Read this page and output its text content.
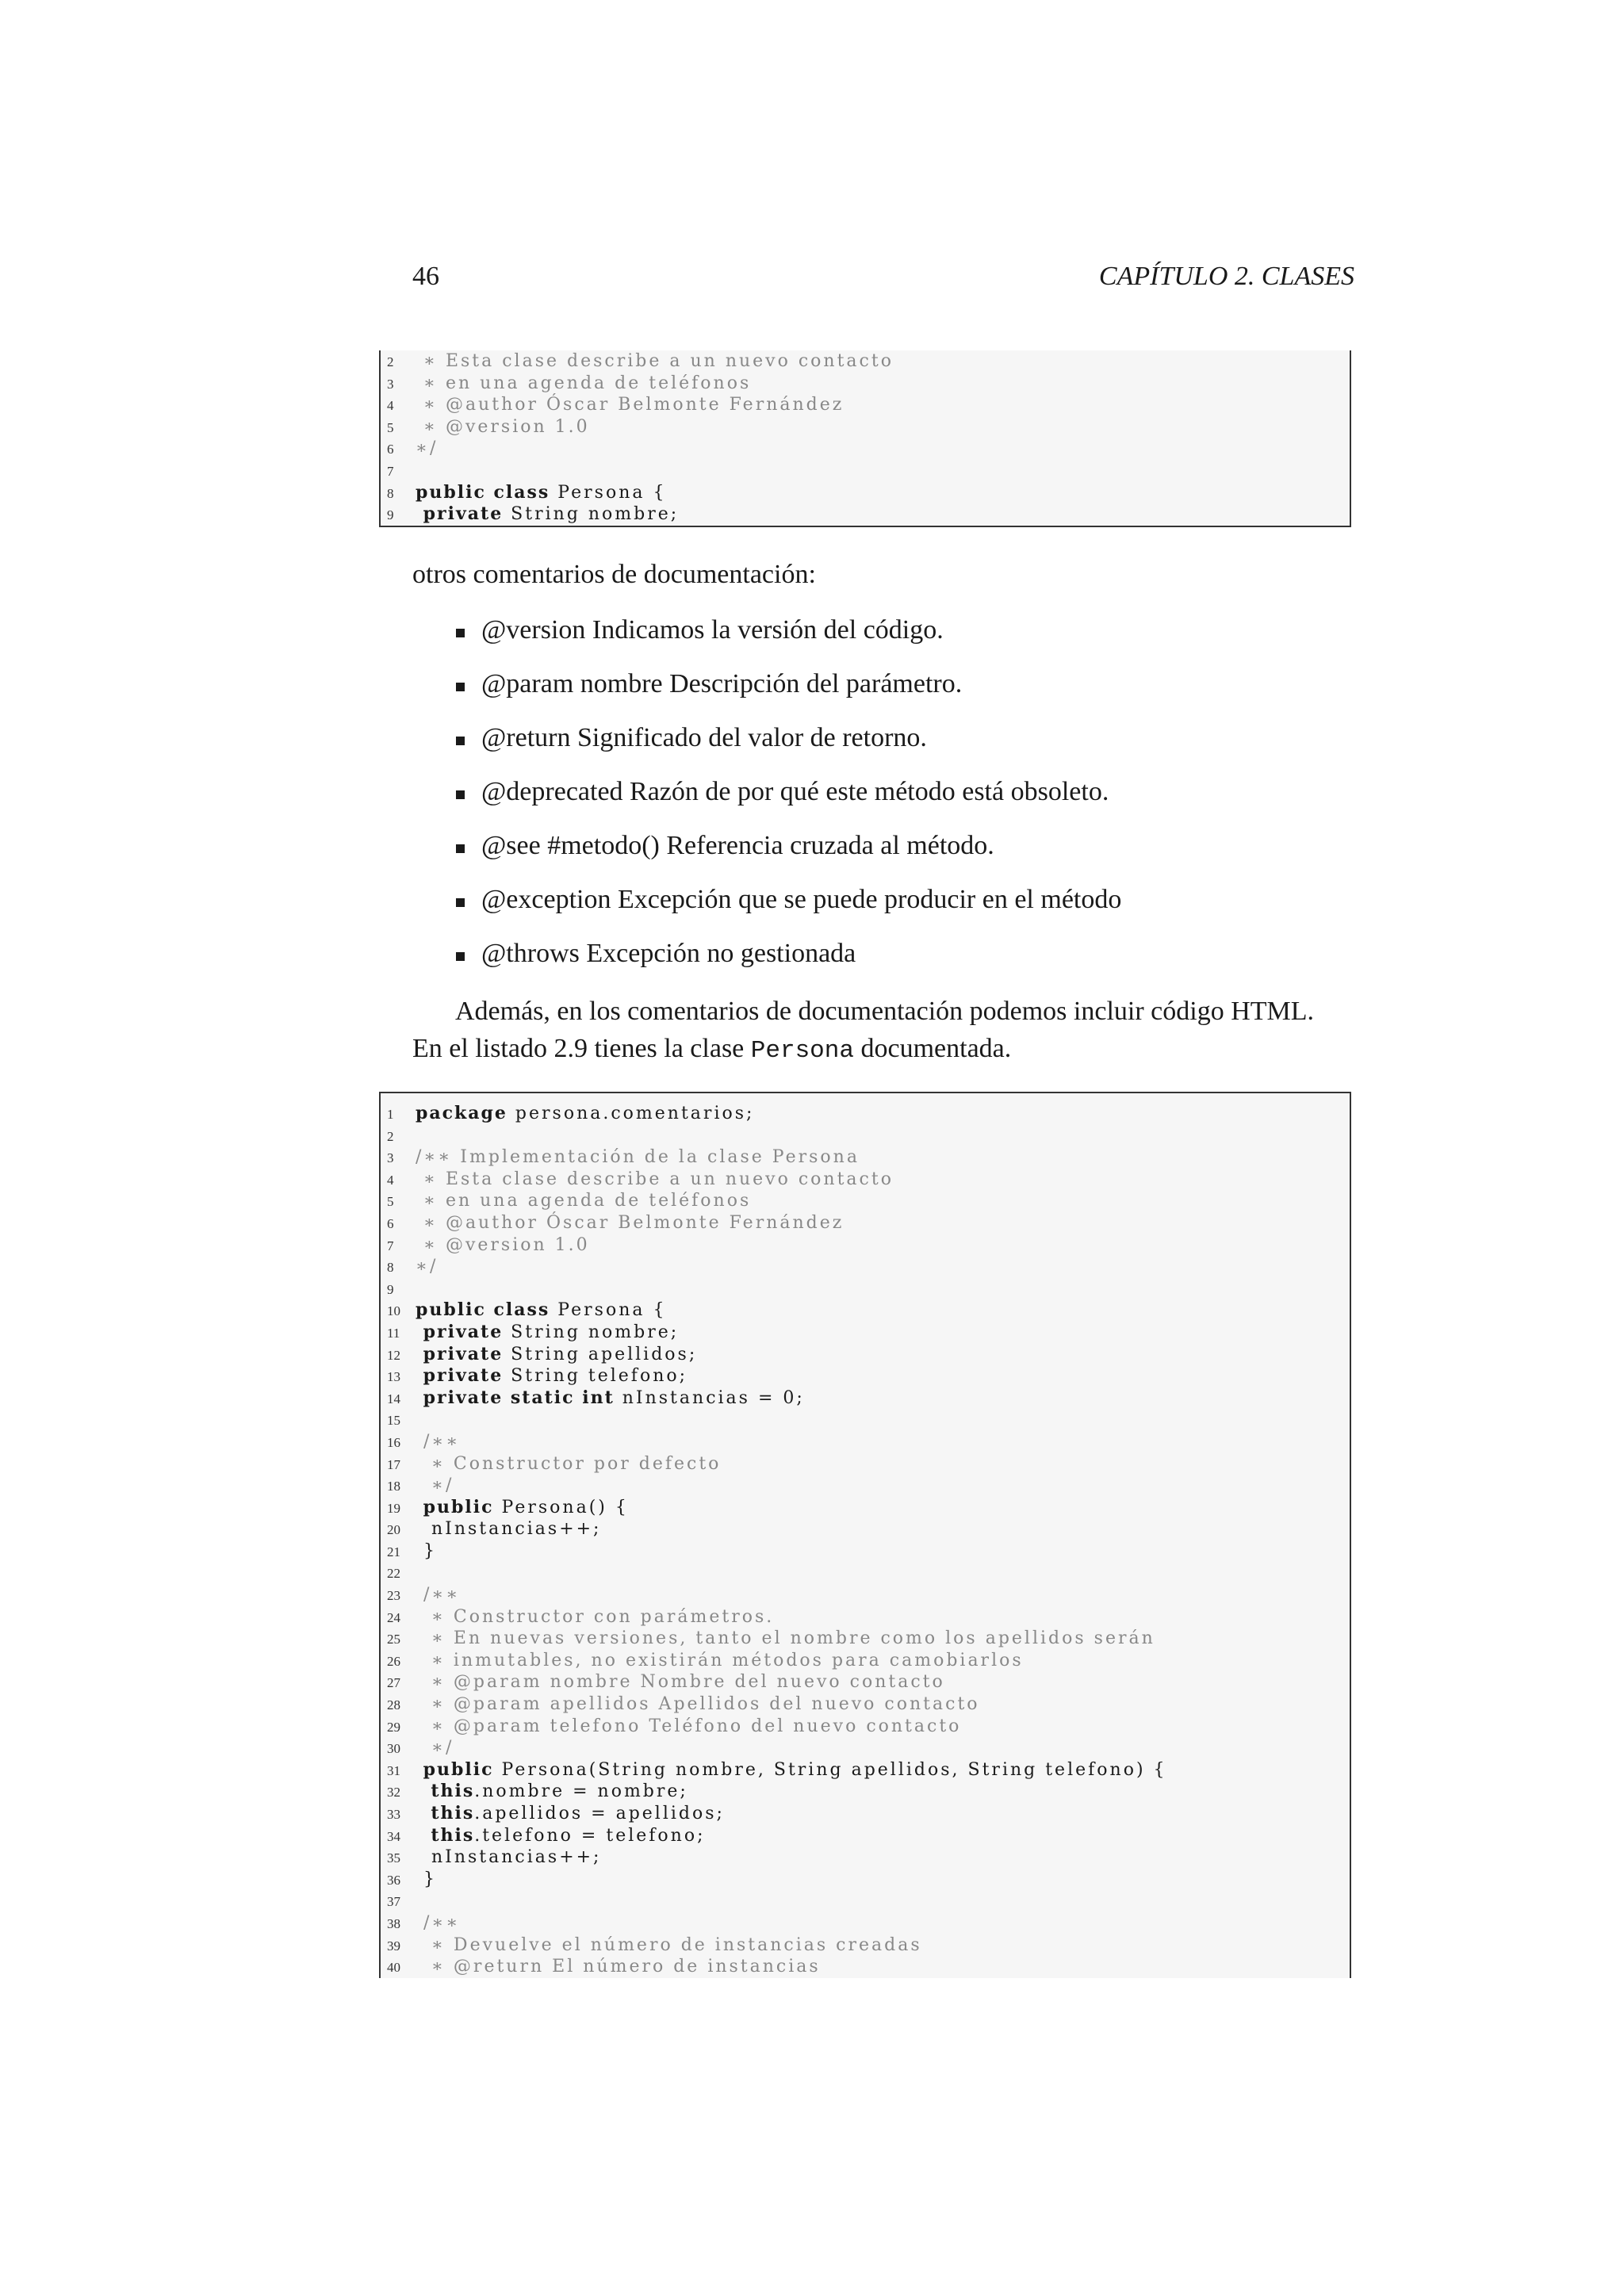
46	CAPÍTULO 2. CLASES
2 ∗ Esta clase describe a un nuevo contacto
3 ∗ en una agenda de teléfonos
4 ∗ @author Óscar Belmonte Fernández
5 ∗ @version 1.0
6 ∗/
7
8 public class Persona {
9 private String nombre;
otros comentarios de documentación:
@version Indicamos la versión del código.
@param nombre Descripción del parámetro.
@return Significado del valor de retorno.
@deprecated Razón de por qué este método está obsoleto.
@see #metodo() Referencia cruzada al método.
@exception Excepción que se puede producir en el método
@throws Excepción no gestionada
Además, en los comentarios de documentación podemos incluir código HTML.
En el listado 2.9 tienes la clase Persona documentada.
1 package persona.comentarios;
2
3 /∗∗ Implementación de la clase Persona
4 ∗ Esta clase describe a un nuevo contacto
5 ∗ en una agenda de teléfonos
6 ∗ @author Óscar Belmonte Fernández
7 ∗ @version 1.0
8 ∗/
9
10 public class Persona {
11 private String nombre;
12 private String apellidos;
13 private String telefono;
14 private static int nInstancias = 0;
15
16 /∗∗
17  ∗ Constructor por defecto
18  ∗/
19 public Persona() {
20  nInstancias++;
21 }
22
23 /∗∗
24  ∗ Constructor con parámetros.
25  ∗ En nuevas versiones, tanto el nombre como los apellidos serán
26  ∗ inmutables, no existirán métodos para camobiarlos
27  ∗ @param nombre Nombre del nuevo contacto
28  ∗ @param apellidos Apellidos del nuevo contacto
29  ∗ @param telefono Teléfono del nuevo contacto
30  ∗/
31 public Persona(String nombre, String apellidos, String telefono) {
32  this.nombre = nombre;
33  this.apellidos = apellidos;
34  this.telefono = telefono;
35  nInstancias++;
36 }
37
38 /∗∗
39  ∗ Devuelve el número de instancias creadas
40  ∗ @return El número de instancias
